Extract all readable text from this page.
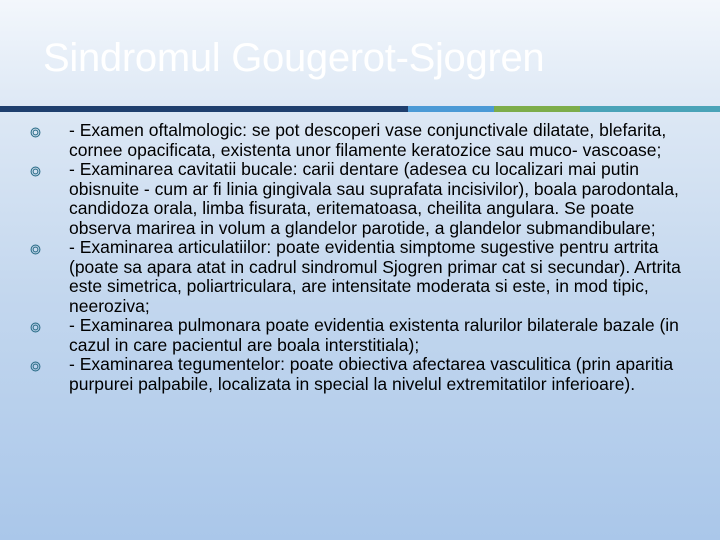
Sindromul Gougerot-Sjogren
- Examen oftalmologic: se pot descoperi vase conjunctivale dilatate, blefarita, cornee opacificata, existenta unor filamente keratozice sau muco- vascoase;
- Examinarea cavitatii bucale: carii dentare (adesea cu localizari mai putin obisnuite - cum ar fi linia gingivala sau suprafata incisivilor), boala parodontala, candidoza orala, limba fisurata, eritematoasa, cheilita angulara. Se poate observa marirea in volum a glandelor parotide, a glandelor submandibulare;
- Examinarea articulatiilor: poate evidentia simptome sugestive pentru artrita (poate sa apara atat in cadrul sindromul Sjogren primar cat si secundar). Artrita este simetrica, poliartriculara, are intensitate moderata si este, in mod tipic, neeroziva;
- Examinarea pulmonara poate evidentia existenta ralurilor bilaterale bazale (in cazul in care pacientul are boala interstitiala);
- Examinarea tegumentelor: poate obiectiva afectarea vasculitica (prin aparitia purpurei palpabile, localizata in special la nivelul extremitatilor inferioare).
